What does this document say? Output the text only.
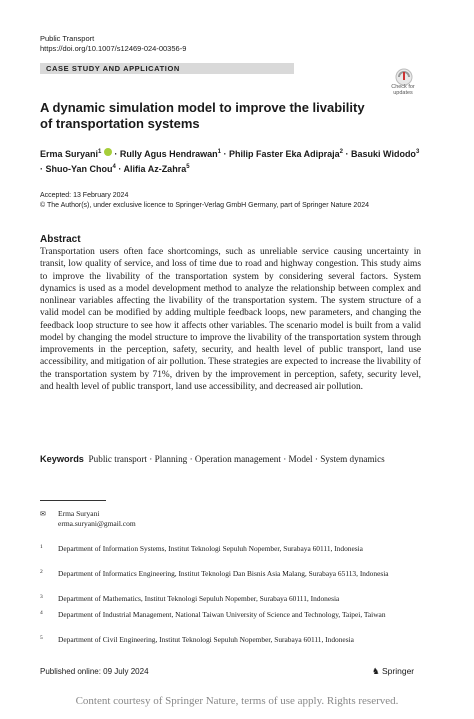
Public Transport
https://doi.org/10.1007/s12469-024-00356-9
CASE STUDY AND APPLICATION
Check for
updates
A dynamic simulation model to improve the livability of transportation systems
Erma Suryani$^1$  · Rully Agus Hendrawan$^1$ · Philip Faster Eka Adipraja$^2$ · Basuki Widodo$^3$ · Shuo-Yan Chou$^4$ · Alifia Az-Zahra$^5$
Accepted: 13 February 2024
© The Author(s), under exclusive licence to Springer-Verlag GmbH Germany, part of Springer Nature 2024
Abstract
Transportation users often face shortcomings, such as unreliable service causing uncertainty in transit, low quality of service, and loss of time due to road and highway congestion. This study aims to improve the livability of the transportation system by considering several factors. System dynamics is used as a model development method to analyze the relationship between complex and nonlinear variables affecting the livability of the transportation system. The system structure of a valid model can be modified by adding multiple feedback loops, new parameters, and changing the feedback loop structure to see how it affects other variables. The scenario model is built from a valid model by changing the model structure to improve the livability of the transportation system through improvements in the perception, safety, security, and health level of public transport, land use accessibility, and mitigation of air pollution. These strategies are expected to increase the livability of the transportation system by 71%, driven by the improvement in perception, safety, security level, and health level of public transport, land use accessibility, and decreased air pollution.
Keywords Public transport · Planning · Operation management · Model · System dynamics
✉ Erma Suryani
erma.suryani@gmail.com
1 Department of Information Systems, Institut Teknologi Sepuluh Nopember, Surabaya 60111, Indonesia
2 Department of Informatics Engineering, Institut Teknologi Dan Bisnis Asia Malang, Surabaya 65113, Indonesia
3 Department of Mathematics, Institut Teknologi Sepuluh Nopember, Surabaya 60111, Indonesia
4 Department of Industrial Management, National Taiwan University of Science and Technology, Taipei, Taiwan
5 Department of Civil Engineering, Institut Teknologi Sepuluh Nopember, Surabaya 60111, Indonesia
Published online: 09 July 2024	♞ Springer
Content courtesy of Springer Nature, terms of use apply. Rights reserved.
